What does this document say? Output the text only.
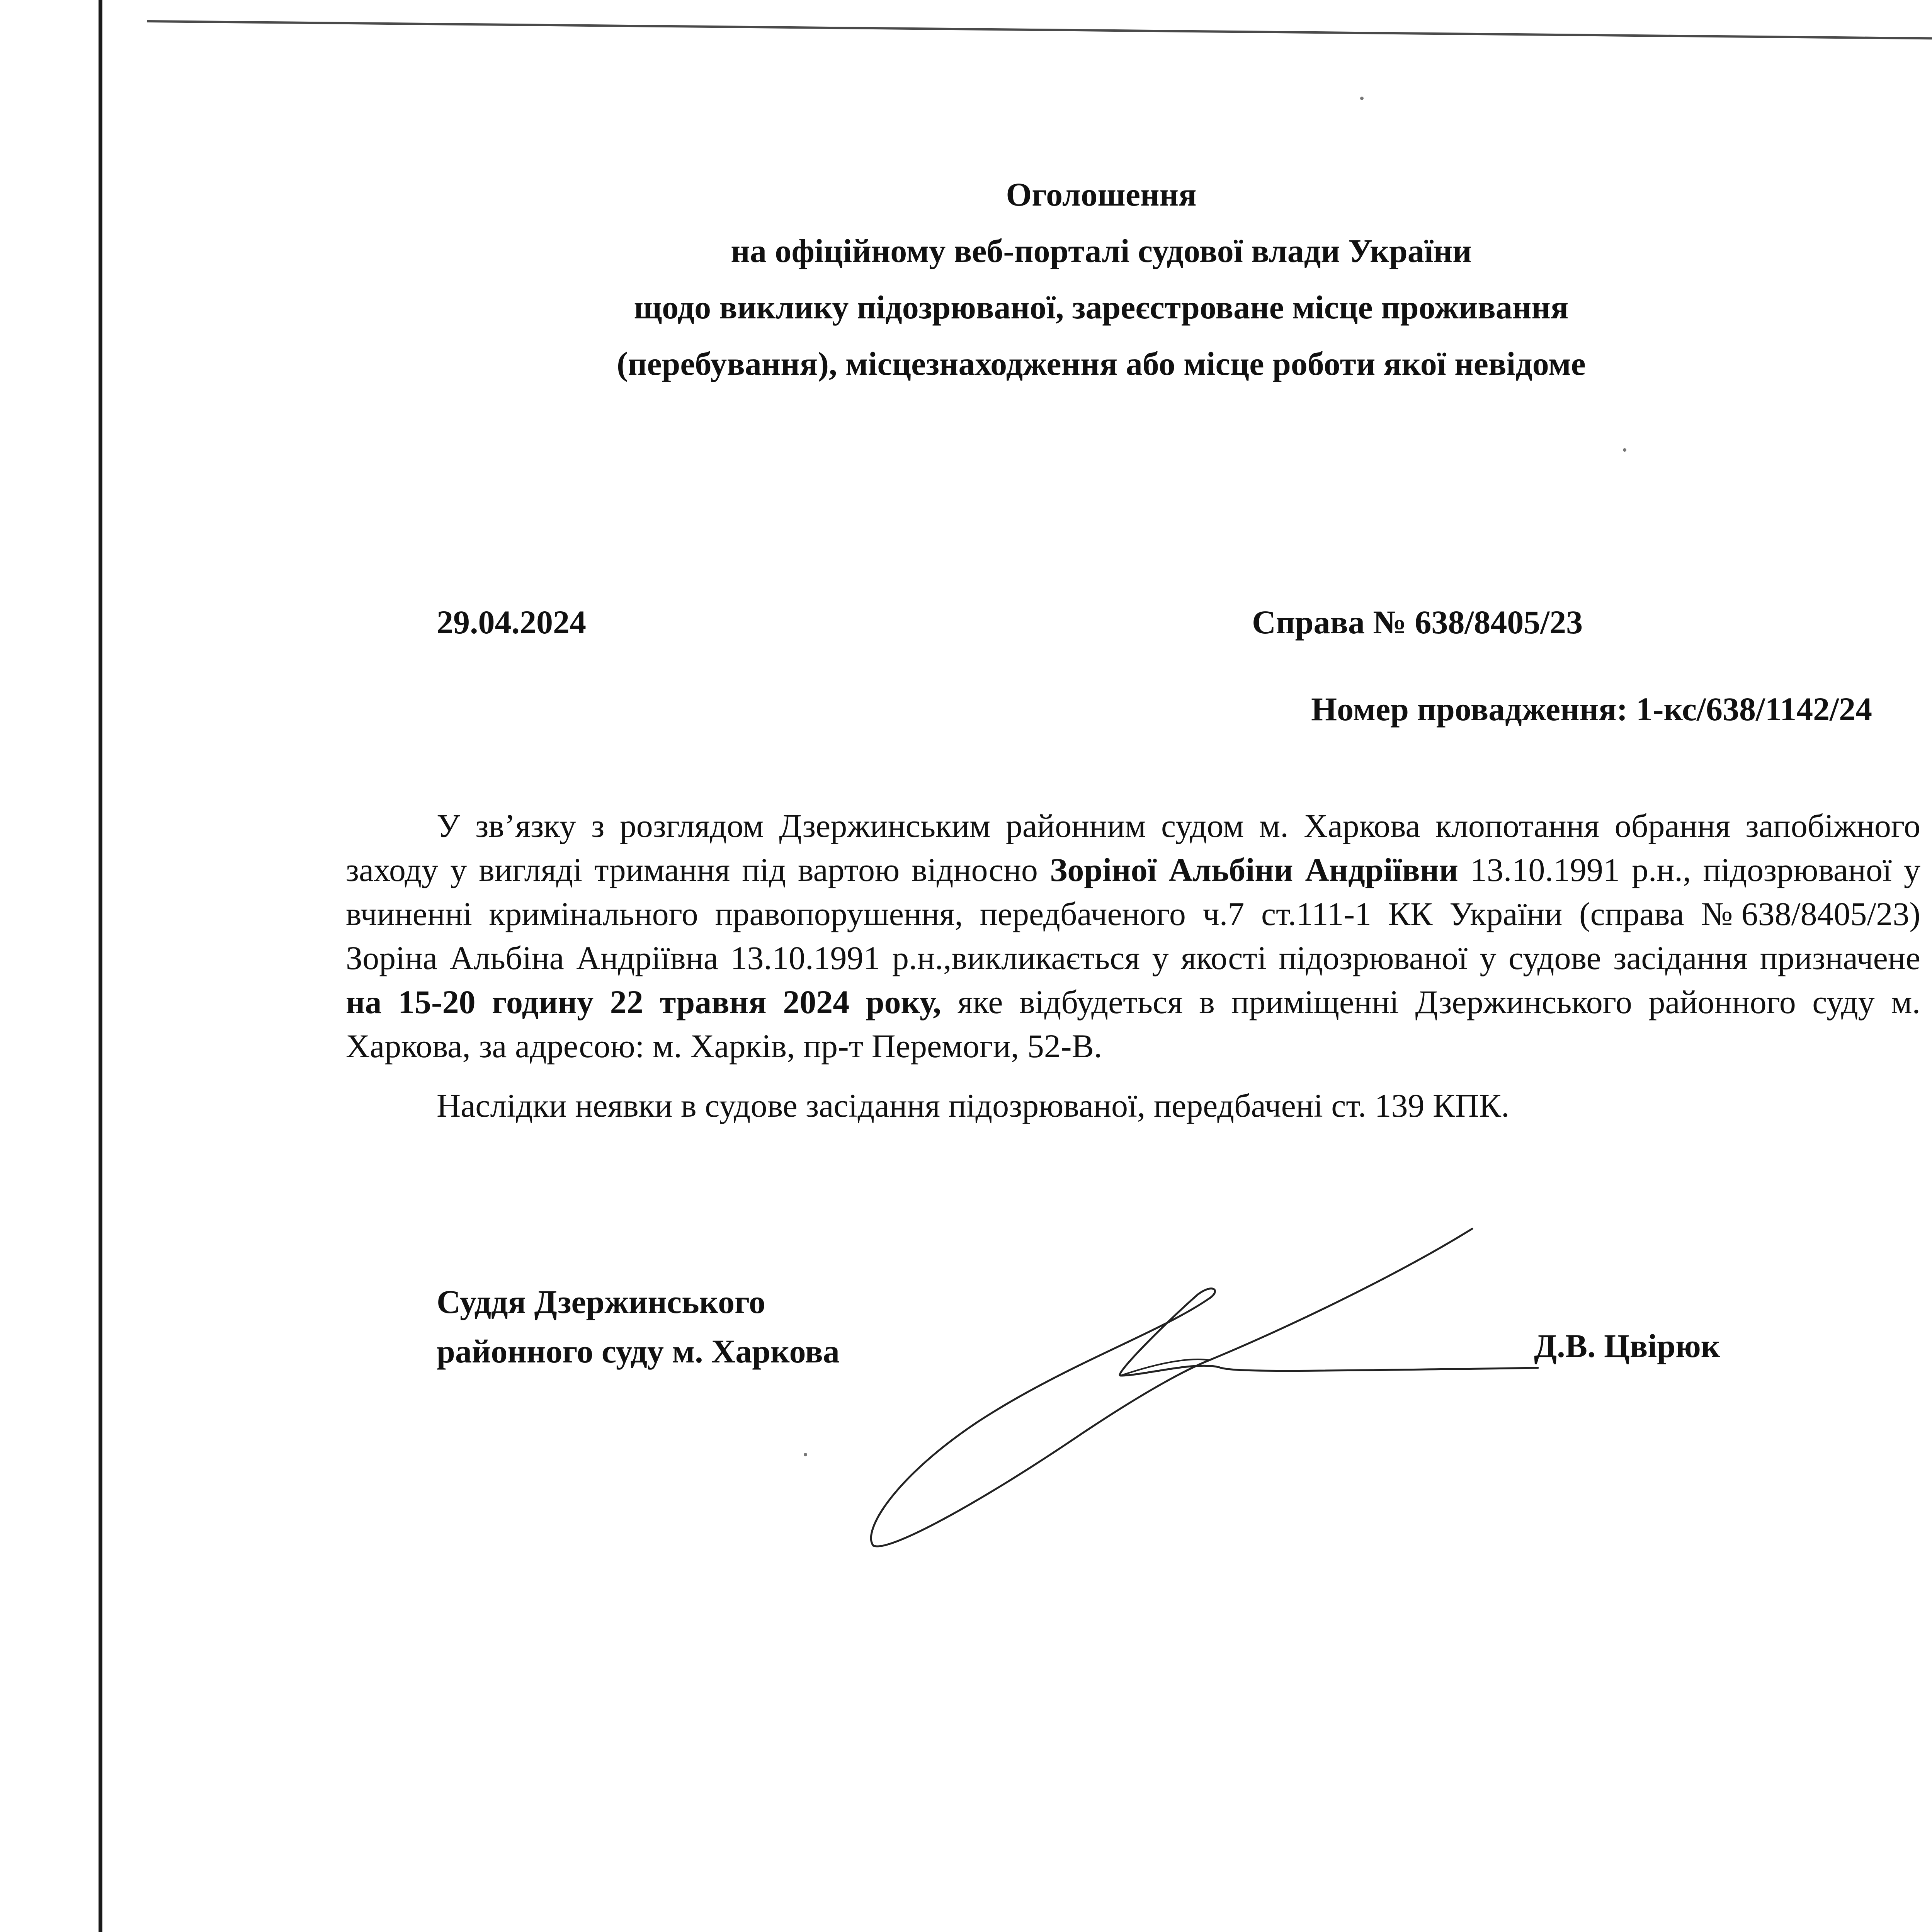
Оголошення
на офіційному веб-порталі судової влади України
щодо виклику підозрюваної, зареєстроване місце проживання
(перебування), місцезнаходження або місце роботи якої невідоме
29.04.2024	Справа № 638/8405/23
Номер провадження: 1-кс/638/1142/24

У зв’язку з розглядом Дзержинським районним судом м. Харкова клопотання обрання запобіжного заходу у вигляді тримання під вартою відносно Зоріної Альбіни Андріївни 13.10.1991 р.н., підозрюваної у вчиненні кримінального правопорушення, передбаченого ч.7 ст.111-1 КК України (справа №638/8405/23) Зоріна Альбіна Андріївна 13.10.1991 р.н.,викликається у якості підозрюваної у судове засідання призначене на 15-20 годину 22 травня 2024 року, яке відбудеться в приміщенні Дзержинського районного суду м. Харкова, за адресою: м. Харків, пр-т Перемоги, 52-В.

Наслідки неявки в судове засідання підозрюваної, передбачені ст. 139 КПК.

Суддя Дзержинського
районного суду м. Харкова	Д.В. Цвірюк
